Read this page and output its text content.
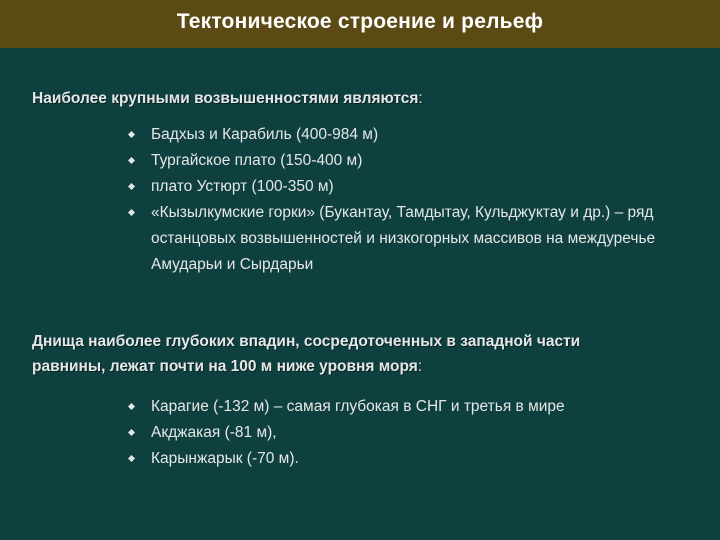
Тектоническое строение и рельеф
Наиболее крупными возвышенностями являются:
Бадхыз и Карабиль (400-984 м)
Тургайское плато (150-400 м)
плато Устюрт (100-350 м)
«Кызылкумские горки» (Букантау, Тамдытау, Кульджуктау и др.) – ряд останцовых возвышенностей и низкогорных массивов на междуречье Амударьи и Сырдарьи
Днища наиболее глубоких впадин, сосредоточенных в западной части
равнины, лежат почти на 100 м ниже уровня моря:
Карагие (-132 м) – самая глубокая в СНГ и третья в мире
Акджакая (-81 м),
Карынжарык (-70 м).
